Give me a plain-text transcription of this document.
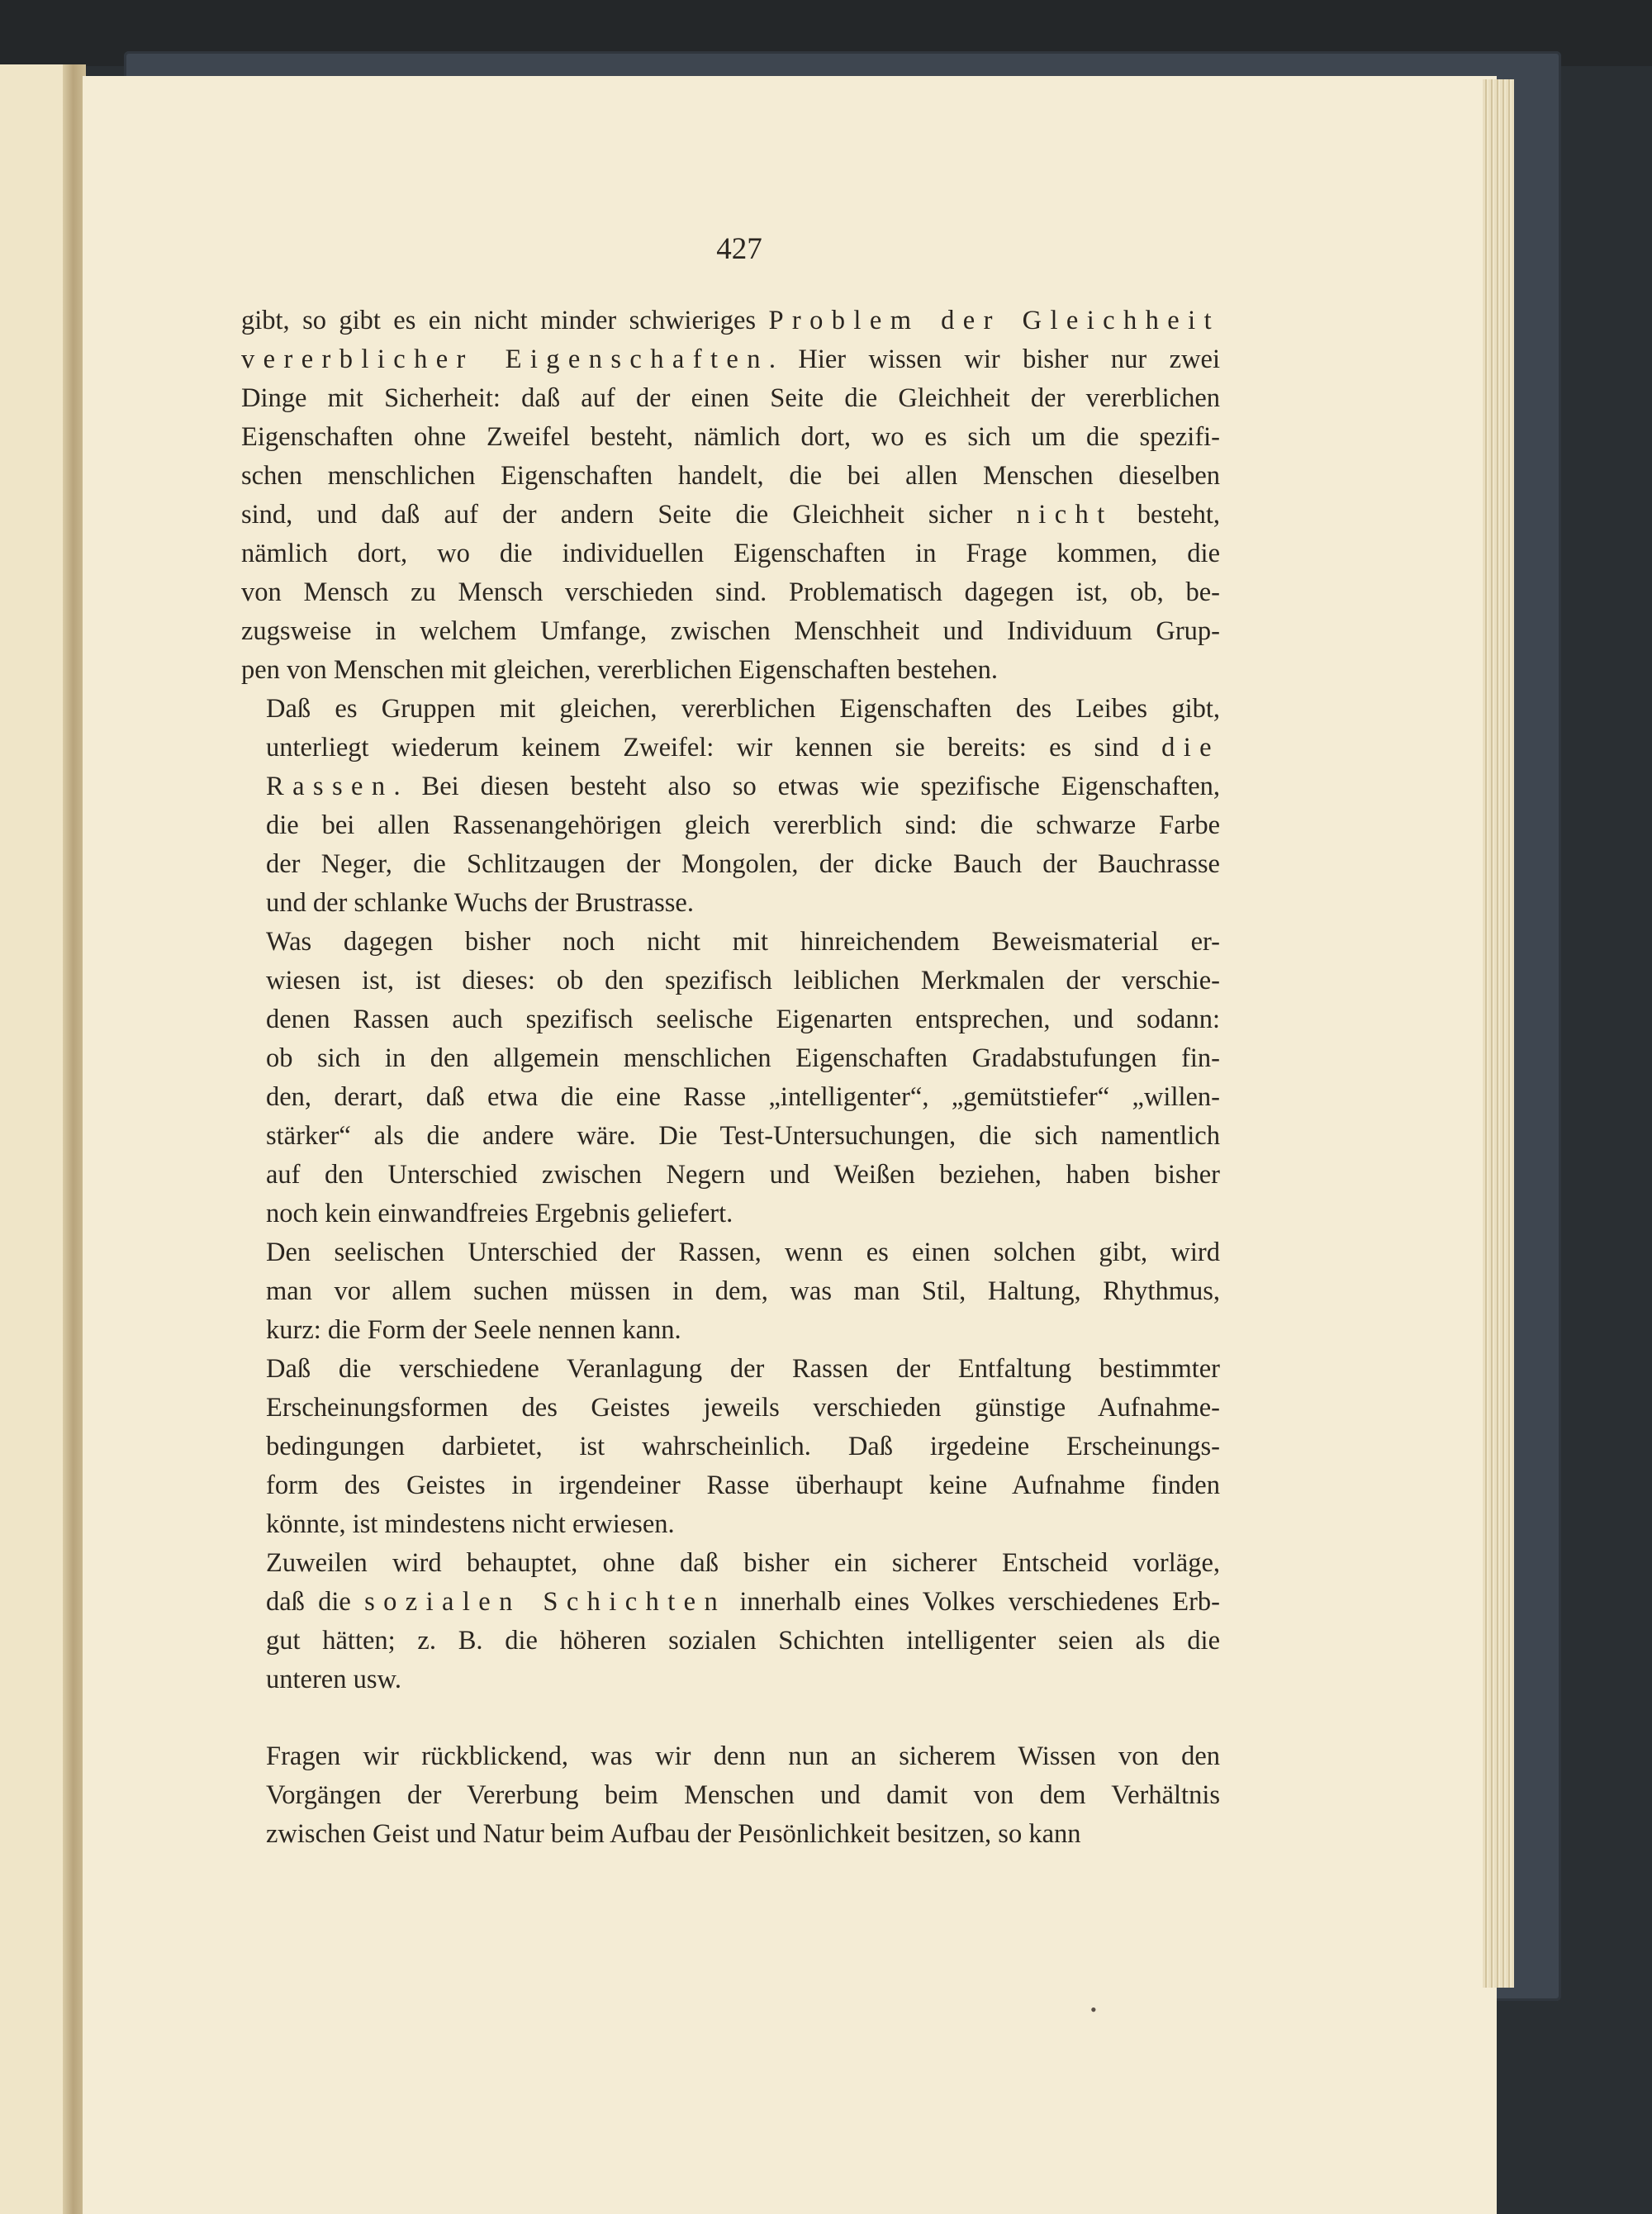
427

gibt, so gibt es ein nicht minder schwieriges Problem der Gleichheit
vererblicher Eigenschaften. Hier wissen wir bisher nur zwei
Dinge mit Sicherheit: daß auf der einen Seite die Gleichheit der vererblichen
Eigenschaften ohne Zweifel besteht, nämlich dort, wo es sich um die spezifi-
schen menschlichen Eigenschaften handelt, die bei allen Menschen dieselben
sind, und daß auf der andern Seite die Gleichheit sicher nicht besteht,
nämlich dort, wo die individuellen Eigenschaften in Frage kommen, die
von Mensch zu Mensch verschieden sind. Problematisch dagegen ist, ob, be-
zugsweise in welchem Umfange, zwischen Menschheit und Individuum Grup-
pen von Menschen mit gleichen, vererblichen Eigenschaften bestehen.

Daß es Gruppen mit gleichen, vererblichen Eigenschaften des Leibes gibt,
unterliegt wiederum keinem Zweifel: wir kennen sie bereits: es sind die
Rassen. Bei diesen besteht also so etwas wie spezifische Eigenschaften,
die bei allen Rassenangehörigen gleich vererblich sind: die schwarze Farbe
der Neger, die Schlitzaugen der Mongolen, der dicke Bauch der Bauchrasse
und der schlanke Wuchs der Brustrasse.

Was dagegen bisher noch nicht mit hinreichendem Beweismaterial er-
wiesen ist, ist dieses: ob den spezifisch leiblichen Merkmalen der verschie-
denen Rassen auch spezifisch seelische Eigenarten entsprechen, und sodann:
ob sich in den allgemein menschlichen Eigenschaften Gradabstufungen fin-
den, derart, daß etwa die eine Rasse „intelligenter“, „gemütstiefer“ „willen-
stärker“ als die andere wäre. Die Test-Untersuchungen, die sich namentlich
auf den Unterschied zwischen Negern und Weißen beziehen, haben bisher
noch kein einwandfreies Ergebnis geliefert.

Den seelischen Unterschied der Rassen, wenn es einen solchen gibt, wird
man vor allem suchen müssen in dem, was man Stil, Haltung, Rhythmus,
kurz: die Form der Seele nennen kann.

Daß die verschiedene Veranlagung der Rassen der Entfaltung bestimmter
Erscheinungsformen des Geistes jeweils verschieden günstige Aufnahme-
bedingungen darbietet, ist wahrscheinlich. Daß irgedeine Erscheinungs-
form des Geistes in irgendeiner Rasse überhaupt keine Aufnahme finden
könnte, ist mindestens nicht erwiesen.

Zuweilen wird behauptet, ohne daß bisher ein sicherer Entscheid vorläge,
daß die sozialen Schichten innerhalb eines Volkes verschiedenes Erb-
gut hätten; z. B. die höheren sozialen Schichten intelligenter seien als die
unteren usw.

Fragen wir rückblickend, was wir denn nun an sicherem Wissen von den
Vorgängen der Vererbung beim Menschen und damit von dem Verhältnis
zwischen Geist und Natur beim Aufbau der Peısönlichkeit besitzen, so kann

•
